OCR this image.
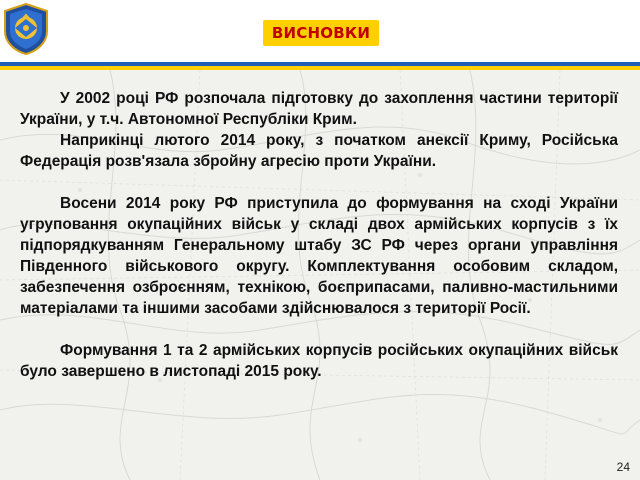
ВИСНОВКИ

У 2002 році РФ розпочала підготовку до захоплення частини території України, у т.ч. Автономної Республіки Крим.

Наприкінці лютого 2014 року, з початком анексії Криму, Російська Федерація розв'язала збройну агресію проти України.

Восени 2014 року РФ приступила до формування на сході України угруповання окупаційних військ у складі двох армійських корпусів з їх підпорядкуванням Генеральному штабу ЗС РФ через органи управління Південного військового округу. Комплектування особовим складом, забезпечення озброєнням, технікою, боєприпасами, паливно-мастильними матеріалами та іншими засобами здійснювалося з території Росії.

Формування 1 та 2 армійських корпусів російських окупаційних військ було завершено в листопаді 2015 року.

24
